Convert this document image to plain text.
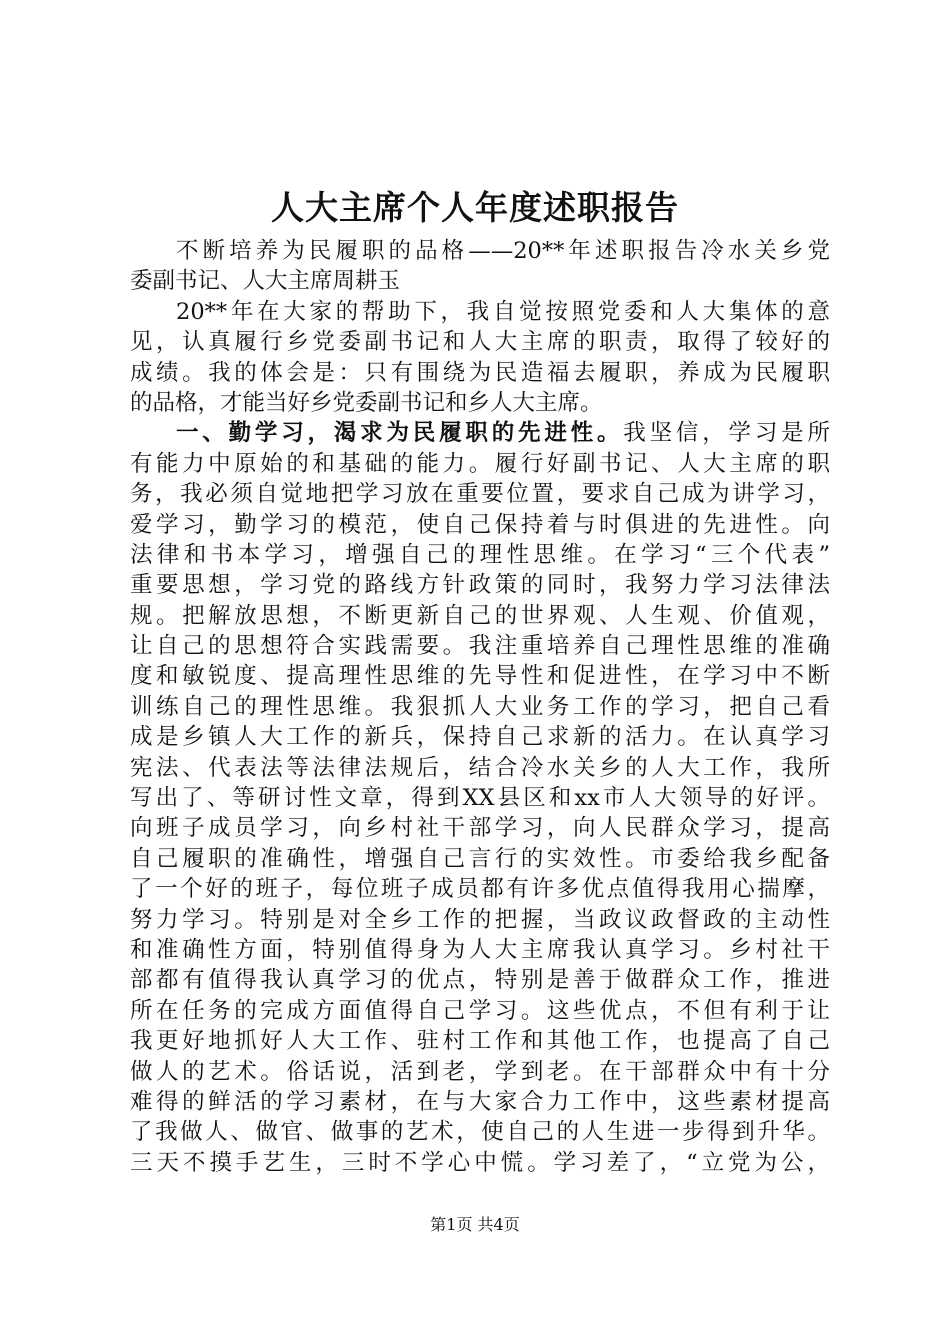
人大主席个人年度述职报告
不断培养为民履职的品格——20**年述职报告冷水关乡党
委副书记、人大主席周耕玉
20**年在大家的帮助下，我自觉按照党委和人大集体的意
见，认真履行乡党委副书记和人大主席的职责，取得了较好的
成绩。我的体会是：只有围绕为民造福去履职，养成为民履职
的品格，才能当好乡党委副书记和乡人大主席。
一、勤学习，渴求为民履职的先进性。我坚信，学习是所
有能力中原始的和基础的能力。履行好副书记、人大主席的职
务，我必须自觉地把学习放在重要位置，要求自己成为讲学习，
爱学习，勤学习的模范，使自己保持着与时俱进的先进性。向
法律和书本学习，增强自己的理性思维。在学习“三个代表”
重要思想，学习党的路线方针政策的同时，我努力学习法律法
规。把解放思想，不断更新自己的世界观、人生观、价值观，
让自己的思想符合实践需要。我注重培养自己理性思维的准确
度和敏锐度、提高理性思维的先导性和促进性，在学习中不断
训练自己的理性思维。我狠抓人大业务工作的学习，把自己看
成是乡镇人大工作的新兵，保持自己求新的活力。在认真学习
宪法、代表法等法律法规后，结合冷水关乡的人大工作，我所
写出了、等研讨性文章，得到XX县区和xx市人大领导的好评。
向班子成员学习，向乡村社干部学习，向人民群众学习，提高
自己履职的准确性，增强自己言行的实效性。市委给我乡配备
了一个好的班子，每位班子成员都有许多优点值得我用心揣摩，
努力学习。特别是对全乡工作的把握，当政议政督政的主动性
和准确性方面，特别值得身为人大主席我认真学习。乡村社干
部都有值得我认真学习的优点，特别是善于做群众工作，推进
所在任务的完成方面值得自己学习。这些优点，不但有利于让
我更好地抓好人大工作、驻村工作和其他工作，也提高了自己
做人的艺术。俗话说，活到老，学到老。在干部群众中有十分
难得的鲜活的学习素材，在与大家合力工作中，这些素材提高
了我做人、做官、做事的艺术，使自己的人生进一步得到升华。
三天不摸手艺生，三时不学心中慌。学习差了，“立党为公，
第1页 共4页
